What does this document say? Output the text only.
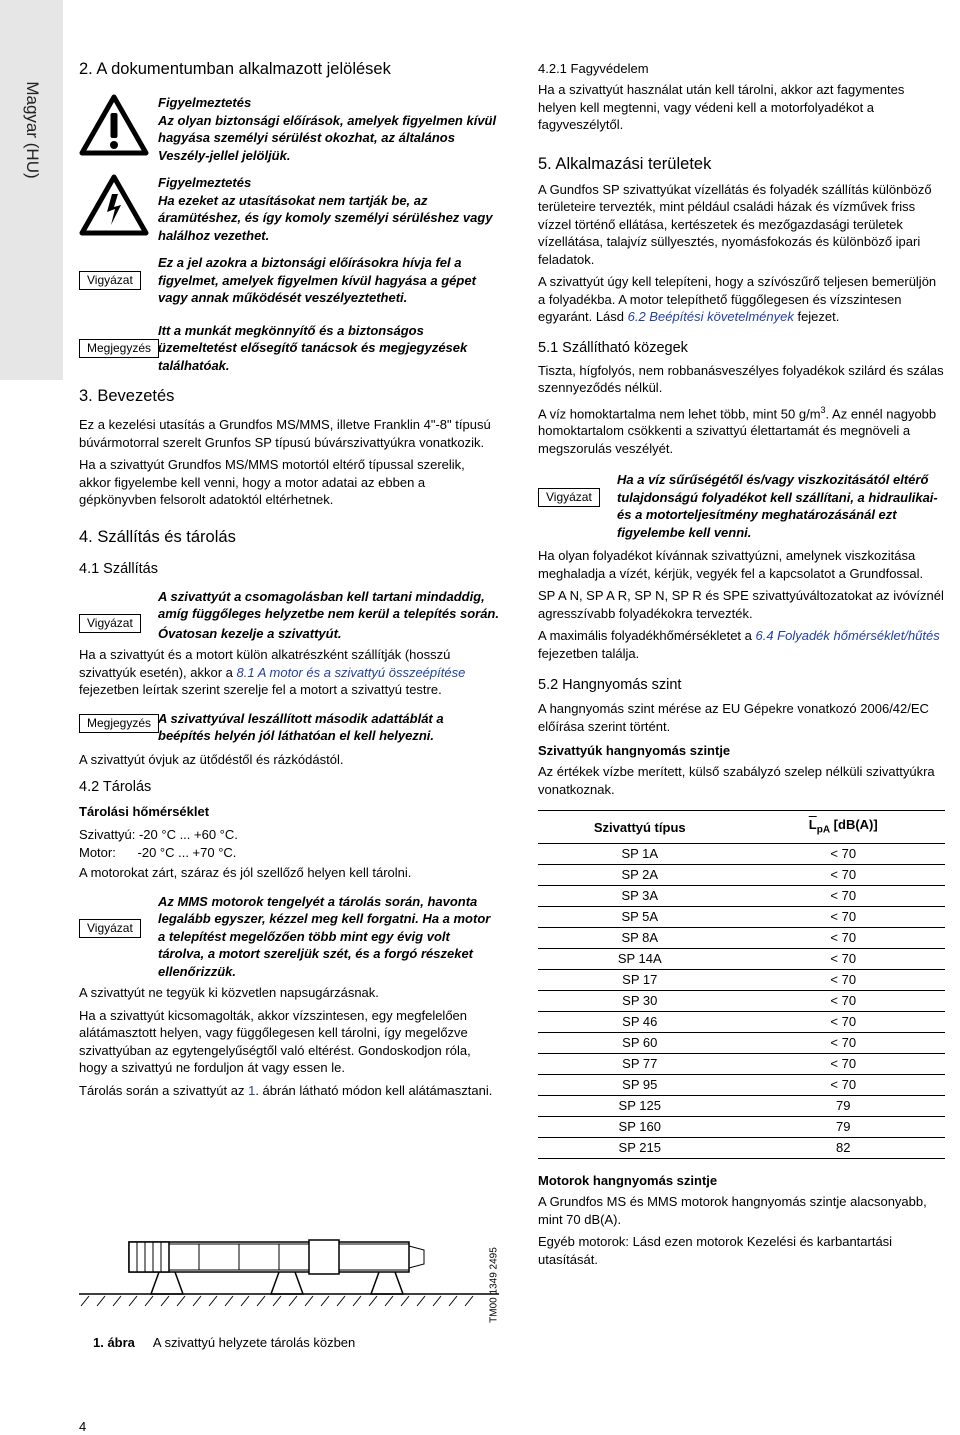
Magyar (HU)
2. A dokumentumban alkalmazott jelölések

Figyelmeztetés

Az olyan biztonsági előírások, amelyek figyelmen kívül hagyása személyi sérülést okozhat, az általános Veszély-jellel jelöljük.

Figyelmeztetés

Ha ezeket az utasításokat nem tartják be, az áramütéshez, és így komoly személyi sérüléshez vagy halálhoz vezethet.

Vigyázat

Ez a jel azokra a biztonsági előírásokra hívja fel a figyelmet, amelyek figyelmen kívül hagyása a gépet vagy annak működését veszélyeztetheti.

Megjegyzés

Itt a munkát megkönnyítő és a biztonságos üzemeltetést elősegítő tanácsok és megjegyzések találhatóak.

3. Bevezetés

Ez a kezelési utasítás a Grundfos MS/MMS, illetve Franklin 4"-8" típusú búvármotorral szerelt Grunfos SP típusú búvárszivattyúkra vonatkozik.

Ha a szivattyút Grundfos MS/MMS motortól eltérő típussal szerelik, akkor figyelembe kell venni, hogy a motor adatai az ebben a gépkönyvben felsorolt adatoktól eltérhetnek.

4. Szállítás és tárolás
4.1 Szállítás
Vigyázat

A szivattyút a csomagolásban kell tartani mindaddig, amíg függőleges helyzetbe nem kerül a telepítés során.

Óvatosan kezelje a szivattyút.

Ha a szivattyút és a motort külön alkatrészként szállítják (hosszú szivattyúk esetén), akkor a 8.1 A motor és a szivattyú összeépítése fejezetben leírtak szerint szerelje fel a motort a szivattyú testre.

Megjegyzés A szivattyúval leszállított második adattáblát a beépítés helyén jól láthatóan el kell helyezni.

A szivattyút óvjuk az ütődéstől és rázkódástól.

4.2 Tárolás
Tárolási hőmérséklet

Szivattyú: -20 °C ... +60 °C.

Motor:      -20 °C ... +70 °C.

A motorokat zárt, száraz és jól szellőző helyen kell tárolni.

Vigyázat

Az MMS motorok tengelyét a tárolás során, havonta legalább egyszer, kézzel meg kell forgatni. Ha a motor a telepítést megelőzően több mint egy évig volt tárolva, a motort szereljük szét, és a forgó részeket ellenőrizzük.

A szivattyút ne tegyük ki közvetlen napsugárzásnak.

Ha a szivattyút kicsomagolták, akkor vízszintesen, egy megfelelően alátámasztott helyen, vagy függőlegesen kell tárolni, így megelőzve szivattyúban az egytengelyűségtől való eltérést. Gondoskodjon róla, hogy a szivattyú ne forduljon át vagy essen le.

Tárolás során a szivattyút az 1. ábrán látható módon kell alátámasztani.

TM00 1349 2495
1. ábra A szivattyú helyzete tárolás közben
4.2.1 Fagyvédelem

Ha a szivattyút használat után kell tárolni, akkor azt fagymentes helyen kell megtenni, vagy védeni kell a motorfolyadékot a fagyveszélytől.

5. Alkalmazási területek

A Gundfos SP szivattyúkat vízellátás és folyadék szállítás különböző területeire tervezték, mint például családi házak és vízművek friss vízzel történő ellátása, kertészetek és mezőgazdasági területek vízellátása, talajvíz süllyesztés, nyomásfokozás és különböző ipari feladatok.

A szivattyút úgy kell telepíteni, hogy a szívószűrő teljesen bemerüljön a folyadékba. A motor telepíthető függőlegesen és vízszintesen egyaránt. Lásd 6.2 Beépítési követelmények fejezet.

5.1 Szállítható közegek

Tiszta, hígfolyós, nem robbanásveszélyes folyadékok szilárd és szálas szennyeződés nélkül.

A víz homoktartalma nem lehet több, mint 50 $g/m^3$. Az ennél nagyobb homoktartalom csökkenti a szivattyú élettartamát és megnöveli a megszorulás veszélyét.

Vigyázat

Ha a víz sűrűségétől és/vagy viszkozitásától eltérő tulajdonságú folyadékot kell szállítani, a hidraulikai- és a motorteljesítmény meghatározásánál ezt figyelembe kell venni.

Ha olyan folyadékot kívánnak szivattyúzni, amelynek viszkozitása meghaladja a vízét, kérjük, vegyék fel a kapcsolatot a Grundfossal.

SP A N, SP A R, SP N, SP R és SPE szivattyúváltozatokat az ivóvíznél agresszívabb folyadékokra tervezték.

A maximális folyadékhőmérsékletet a 6.4 Folyadék hőmérséklet/hűtés fejezetben találja.

5.2 Hangnyomás szint

A hangnyomás szint mérése az EU Gépekre vonatkozó 2006/42/EC előírása szerint történt.

Szivattyúk hangnyomás szintje

Az értékek vízbe merített, külső szabályzó szelep nélküli szivattyúkra vonatkoznak.

Szivattyú típus	$\overline{L}_{pA}$ [dB(A)]
SP 1A	< 70
SP 2A	< 70
SP 3A	< 70
SP 5A	< 70
SP 8A	< 70
SP 14A	< 70
SP 17	< 70
SP 30	< 70
SP 46	< 70
SP 60	< 70
SP 77	< 70
SP 95	< 70
SP 125	79
SP 160	79
SP 215	82
Motorok hangnyomás szintje

A Grundfos MS és MMS motorok hangnyomás szintje alacsonyabb, mint 70 dB(A).

Egyéb motorok: Lásd ezen motorok Kezelési és karbantartási utasítását.

4
